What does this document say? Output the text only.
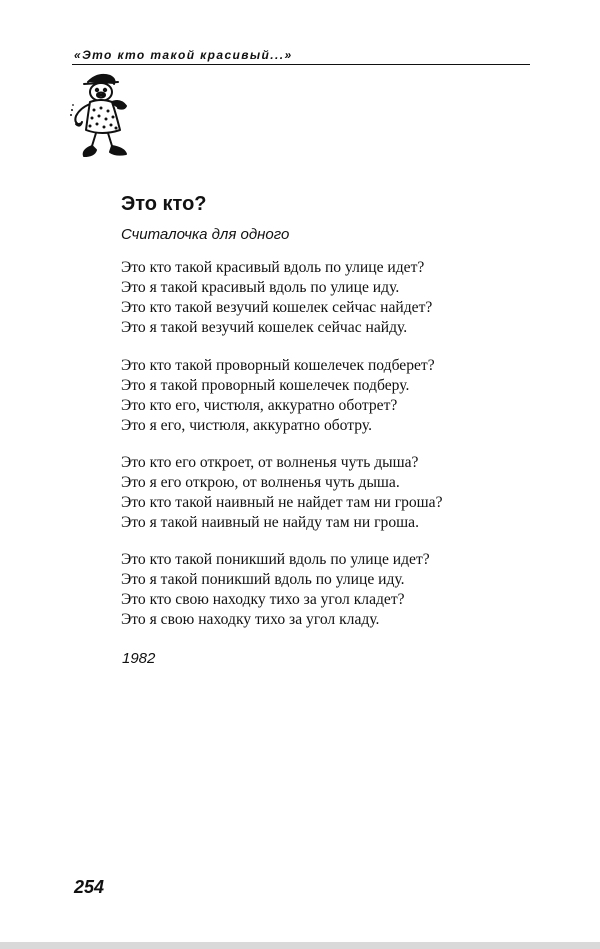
«Это кто такой красивый...»
Это кто?
Считалочка для одного
Это кто такой красивый вдоль по улице идет?
Это я такой красивый вдоль по улице иду.
Это кто такой везучий кошелек сейчас найдет?
Это я такой везучий кошелек сейчас найду.
Это кто такой проворный кошелечек подберет?
Это я такой проворный кошелечек подберу.
Это кто его, чистюля, аккуратно оботрет?
Это я его, чистюля, аккуратно оботру.
Это кто его откроет, от волненья чуть дыша?
Это я его открою, от волненья чуть дыша.
Это кто такой наивный не найдет там ни гроша?
Это я такой наивный не найду там ни гроша.
Это кто такой поникший вдоль по улице идет?
Это я такой поникший вдоль по улице иду.
Это кто свою находку тихо за угол кладет?
Это я свою находку тихо за угол кладу.
1982
254
